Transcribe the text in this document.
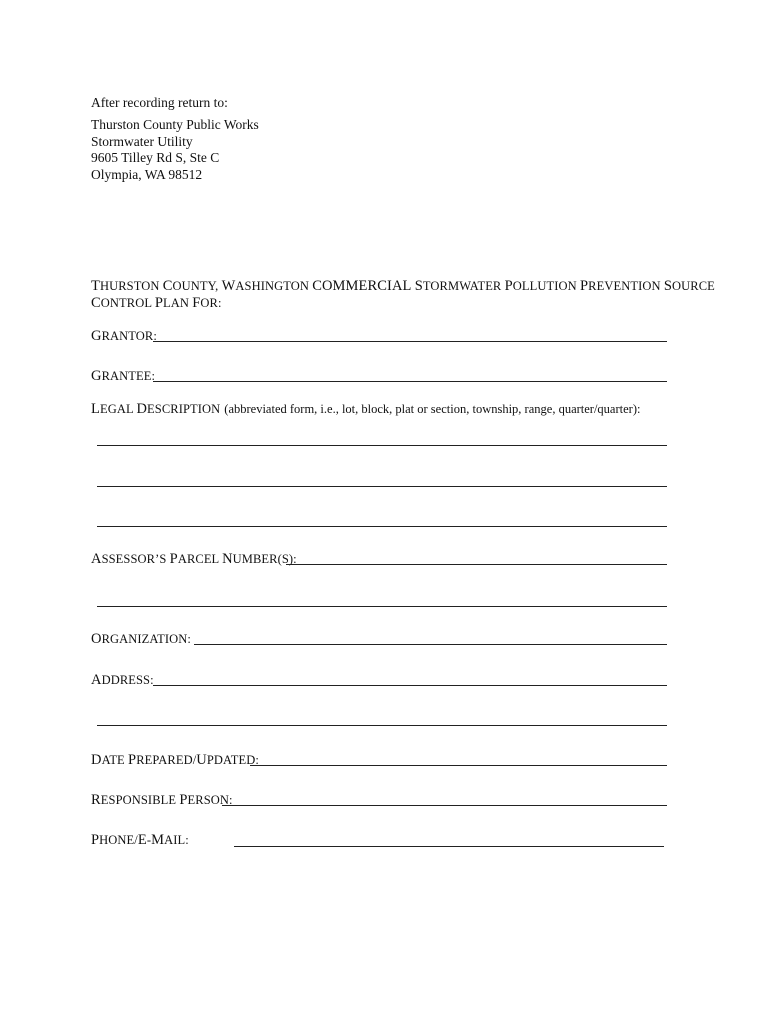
After recording return to:
Thurston County Public Works
Stormwater Utility
9605 Tilley Rd S, Ste C
Olympia, WA 98512
THURSTON COUNTY, WASHINGTON COMMERCIAL STORMWATER POLLUTION PREVENTION SOURCE
CONTROL PLAN FOR:
GRANTOR:
GRANTEE:
LEGAL DESCRIPTION (abbreviated form, i.e., lot, block, plat or section, township, range, quarter/quarter):
ASSESSOR’S PARCEL NUMBER(S):
ORGANIZATION:
ADDRESS:
DATE PREPARED/UPDATED:
RESPONSIBLE PERSON:
PHONE/E-MAIL:
